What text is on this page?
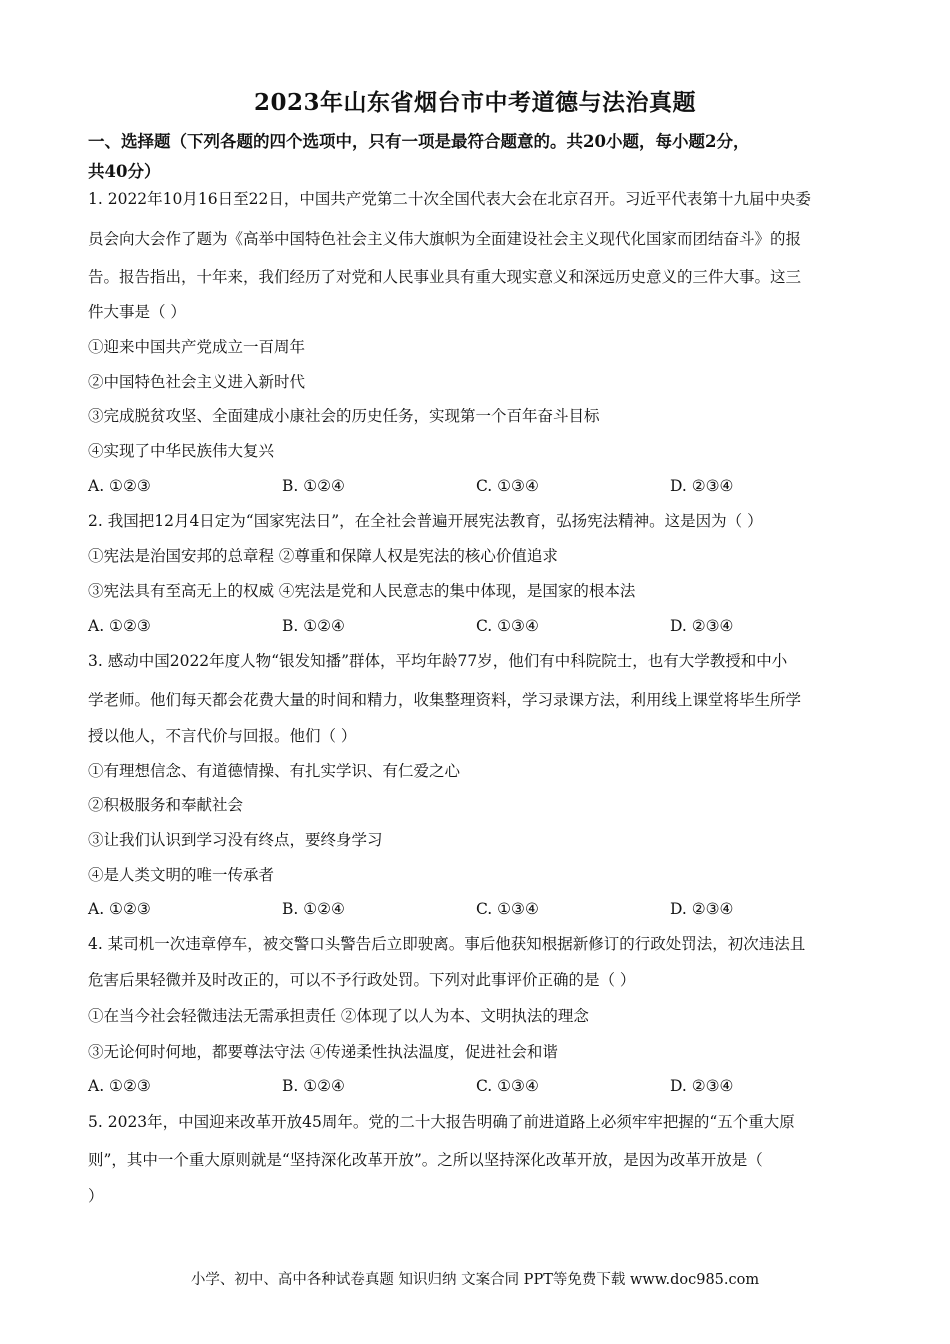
2023年山东省烟台市中考道德与法治真题
一、选择题（下列各题的四个选项中，只有一项是最符合题意的。共20小题，每小题2分，
共40分）
1. 2022年10月16日至22日，中国共产党第二十次全国代表大会在北京召开。习近平代表第十九届中央委
员会向大会作了题为《高举中国特色社会主义伟大旗帜为全面建设社会主义现代化国家而团结奋斗》的报
告。报告指出，十年来，我们经历了对党和人民事业具有重大现实意义和深远历史意义的三件大事。这三
件大事是（ ）
①迎来中国共产党成立一百周年
②中国特色社会主义进入新时代
③完成脱贫攻坚、全面建成小康社会的历史任务，实现第一个百年奋斗目标
④实现了中华民族伟大复兴
A. ①②③	B. ①②④	C. ①③④	D. ②③④
2. 我国把12月4日定为“国家宪法日”，在全社会普遍开展宪法教育，弘扬宪法精神。这是因为（ ）
①宪法是治国安邦的总章程 ②尊重和保障人权是宪法的核心价值追求
③宪法具有至高无上的权威 ④宪法是党和人民意志的集中体现，是国家的根本法
A. ①②③	B. ①②④	C. ①③④	D. ②③④
3. 感动中国2022年度人物“银发知播”群体，平均年龄77岁，他们有中科院院士，也有大学教授和中小
学老师。他们每天都会花费大量的时间和精力，收集整理资料，学习录课方法，利用线上课堂将毕生所学
授以他人，不言代价与回报。他们（ ）
①有理想信念、有道德情操、有扎实学识、有仁爱之心
②积极服务和奉献社会
③让我们认识到学习没有终点，要终身学习
④是人类文明的唯一传承者
A. ①②③	B. ①②④	C. ①③④	D. ②③④
4. 某司机一次违章停车，被交警口头警告后立即驶离。事后他获知根据新修订的行政处罚法，初次违法且
危害后果轻微并及时改正的，可以不予行政处罚。下列对此事评价正确的是（ ）
①在当今社会轻微违法无需承担责任 ②体现了以人为本、文明执法的理念
③无论何时何地，都要尊法守法 ④传递柔性执法温度，促进社会和谐
A. ①②③	B. ①②④	C. ①③④	D. ②③④
5. 2023年，中国迎来改革开放45周年。党的二十大报告明确了前进道路上必须牢牢把握的“五个重大原
则”，其中一个重大原则就是“坚持深化改革开放”。之所以坚持深化改革开放，是因为改革开放是（
）
小学、初中、高中各种试卷真题 知识归纳 文案合同 PPT等免费下载 www.doc985.com
